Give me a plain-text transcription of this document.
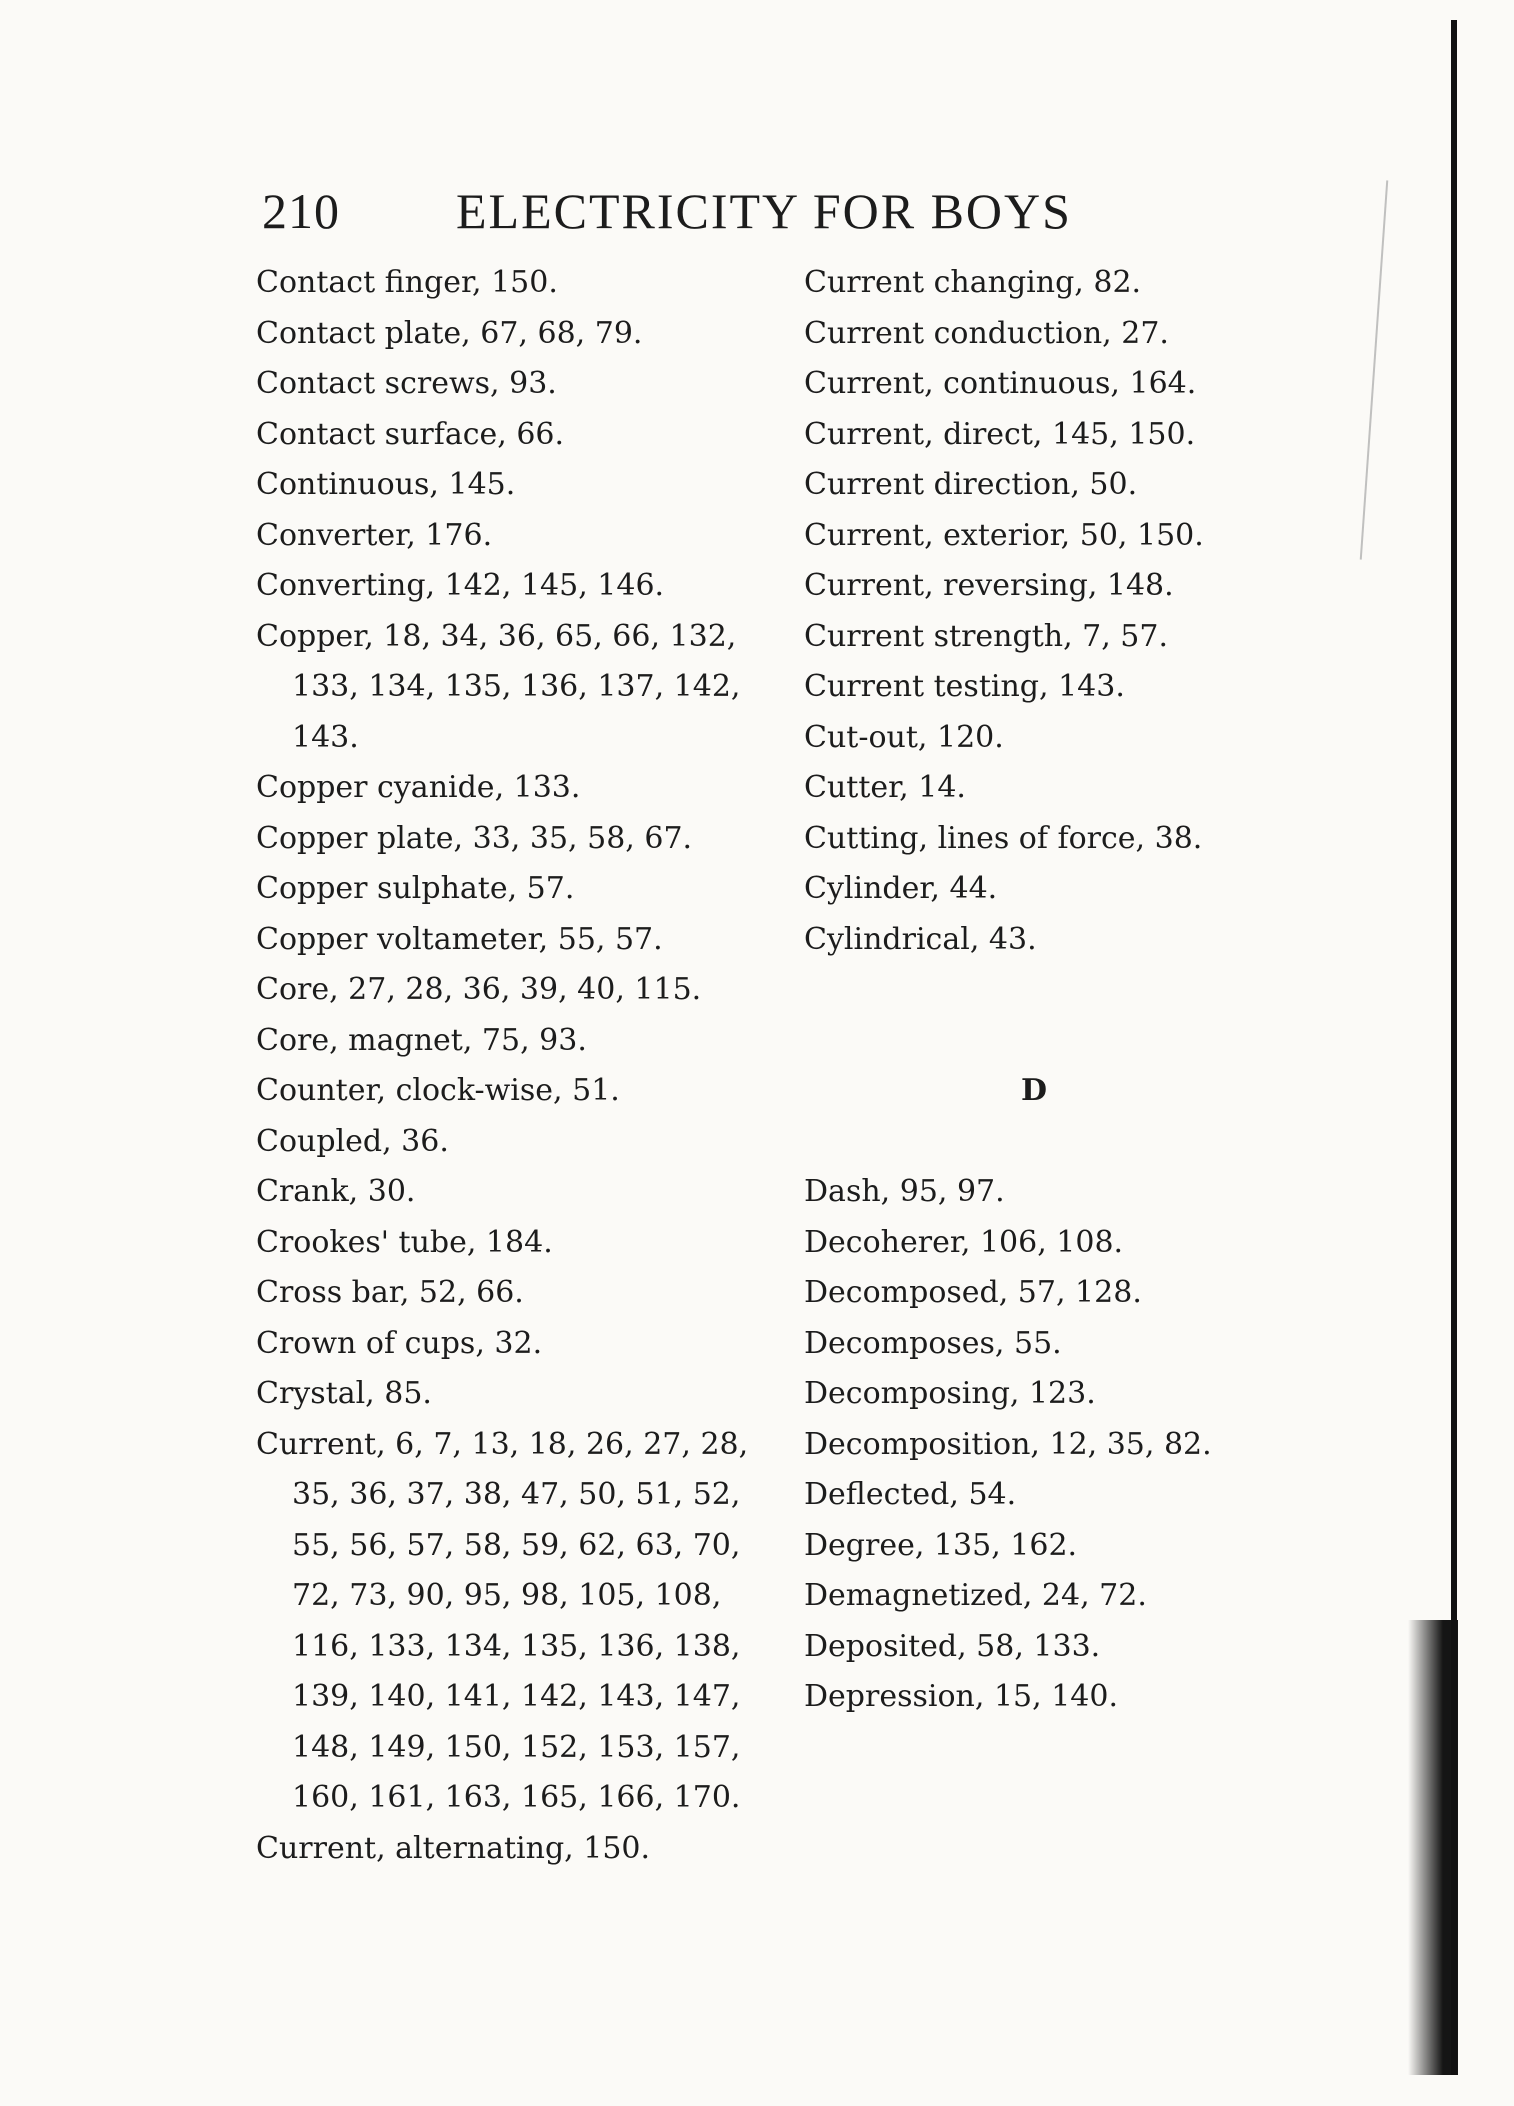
210 ELECTRICITY FOR BOYS

Contact finger, 150.

Contact plate, 67, 68, 79.

Contact screws, 93.

Contact surface, 66.

Continuous, 145.

Converter, 176.

Converting, 142, 145, 146.

Copper, 18, 34, 36, 65, 66, 132, 133, 134, 135, 136, 137, 142, 143.

Copper cyanide, 133.

Copper plate, 33, 35, 58, 67.

Copper sulphate, 57.

Copper voltameter, 55, 57.

Core, 27, 28, 36, 39, 40, 115.

Core, magnet, 75, 93.

Counter, clock-wise, 51.

Coupled, 36.

Crank, 30.

Crookes' tube, 184.

Cross bar, 52, 66.

Crown of cups, 32.

Crystal, 85.

Current, 6, 7, 13, 18, 26, 27, 28, 35, 36, 37, 38, 47, 50, 51, 52, 55, 56, 57, 58, 59, 62, 63, 70, 72, 73, 90, 95, 98, 105, 108, 116, 133, 134, 135, 136, 138, 139, 140, 141, 142, 143, 147, 148, 149, 150, 152, 153, 157, 160, 161, 163, 165, 166, 170.

Current, alternating, 150.

Current changing, 82.

Current conduction, 27.

Current, continuous, 164.

Current, direct, 145, 150.

Current direction, 50.

Current, exterior, 50, 150.

Current, reversing, 148.

Current strength, 7, 57.

Current testing, 143.

Cut-out, 120.

Cutter, 14.

Cutting, lines of force, 38.

Cylinder, 44.

Cylindrical, 43.

D

Dash, 95, 97.

Decoherer, 106, 108.

Decomposed, 57, 128.

Decomposes, 55.

Decomposing, 123.

Decomposition, 12, 35, 82.

Deflected, 54.

Degree, 135, 162.

Demagnetized, 24, 72.

Deposited, 58, 133.

Depression, 15, 140.
